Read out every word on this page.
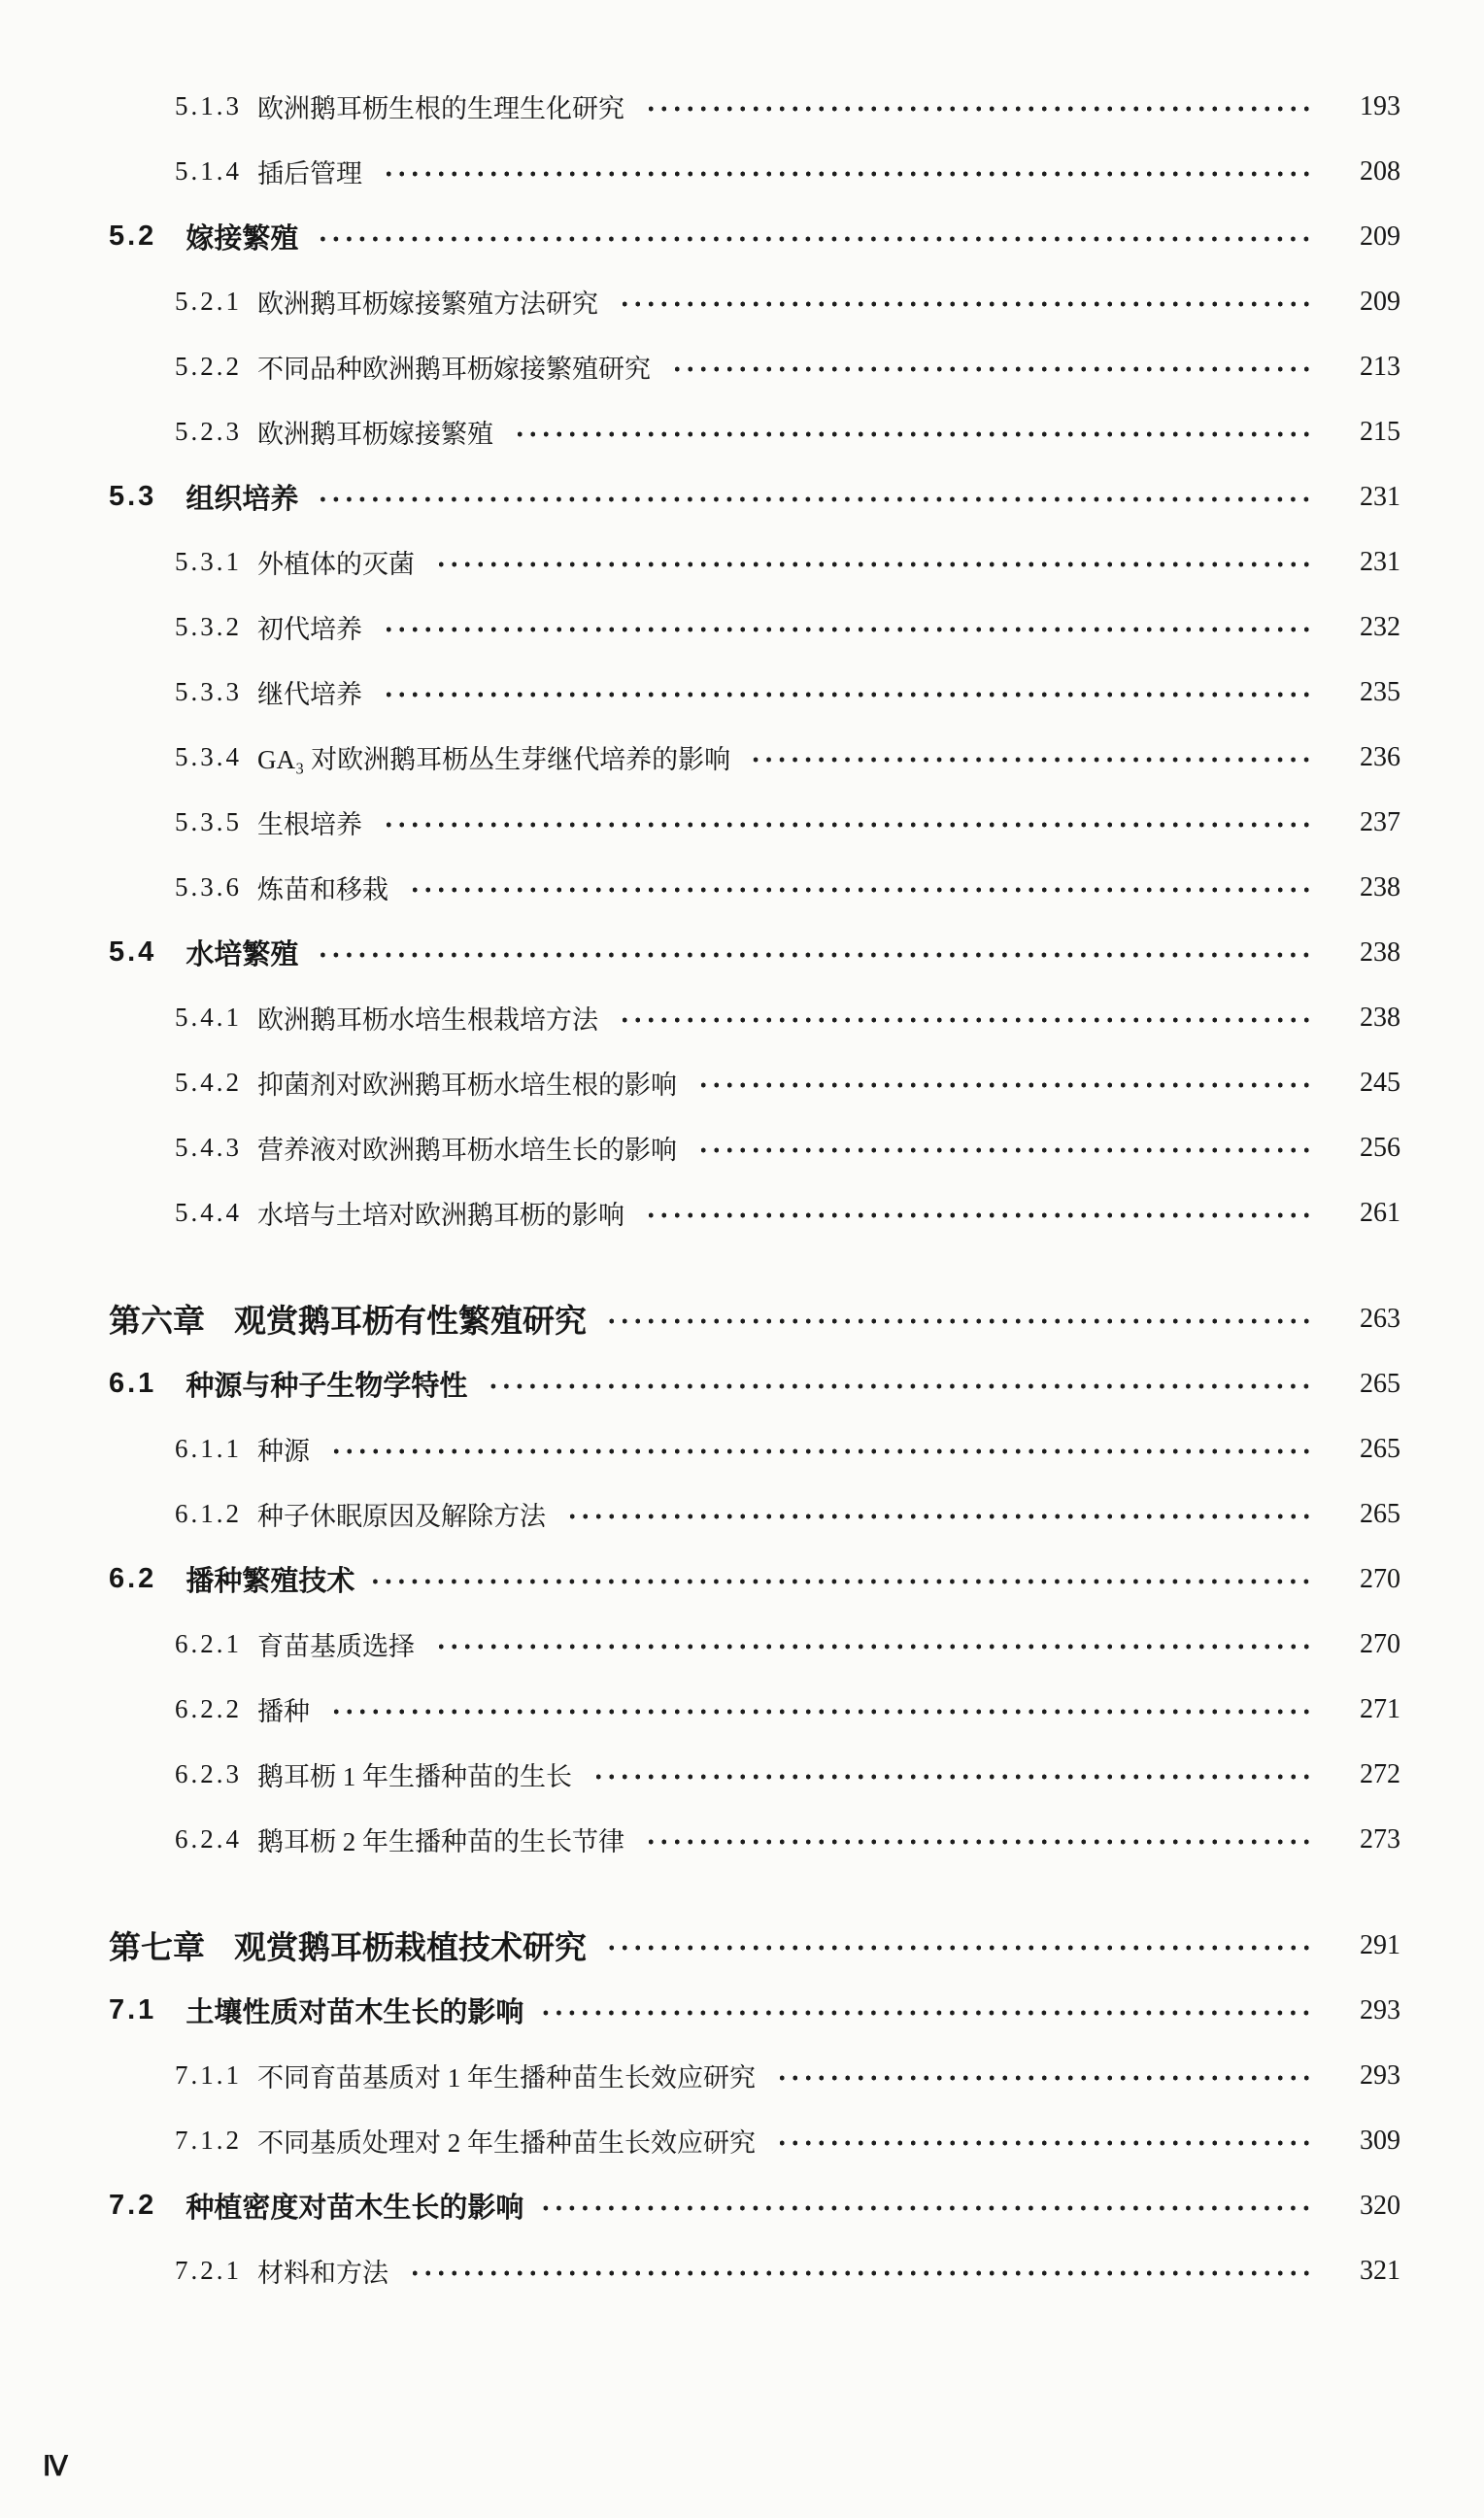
5.1.3 欧洲鹅耳枥生根的生理生化研究	193
5.1.4 插后管理	208
5.2 嫁接繁殖	209
5.2.1 欧洲鹅耳枥嫁接繁殖方法研究	209
5.2.2 不同品种欧洲鹅耳枥嫁接繁殖研究	213
5.2.3 欧洲鹅耳枥嫁接繁殖	215
5.3 组织培养	231
5.3.1 外植体的灭菌	231
5.3.2 初代培养	232
5.3.3 继代培养	235
5.3.4 GA₃ 对欧洲鹅耳枥丛生芽继代培养的影响	236
5.3.5 生根培养	237
5.3.6 炼苗和移栽	238
5.4 水培繁殖	238
5.4.1 欧洲鹅耳枥水培生根栽培方法	238
5.4.2 抑菌剂对欧洲鹅耳枥水培生根的影响	245
5.4.3 营养液对欧洲鹅耳枥水培生长的影响	256
5.4.4 水培与土培对欧洲鹅耳枥的影响	261
第六章 观赏鹅耳枥有性繁殖研究	263
6.1 种源与种子生物学特性	265
6.1.1 种源	265
6.1.2 种子休眠原因及解除方法	265
6.2 播种繁殖技术	270
6.2.1 育苗基质选择	270
6.2.2 播种	271
6.2.3 鹅耳枥 1 年生播种苗的生长	272
6.2.4 鹅耳枥 2 年生播种苗的生长节律	273
第七章 观赏鹅耳枥栽植技术研究	291
7.1 土壤性质对苗木生长的影响	293
7.1.1 不同育苗基质对 1 年生播种苗生长效应研究	293
7.1.2 不同基质处理对 2 年生播种苗生长效应研究	309
7.2 种植密度对苗木生长的影响	320
7.2.1 材料和方法	321
Ⅳ
